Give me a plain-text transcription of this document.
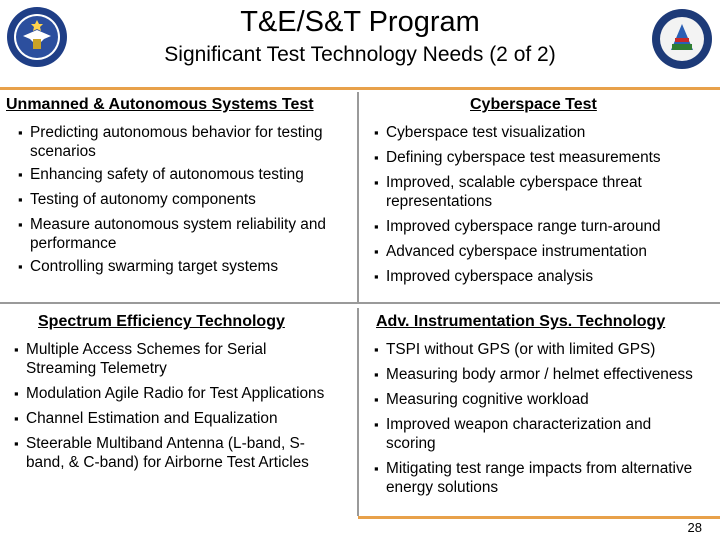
T&E/S&T Program
Significant Test Technology Needs (2 of 2)
Unmanned & Autonomous Systems Test
▪ Predicting autonomous behavior for testing scenarios
▪ Enhancing safety of autonomous testing
▪ Testing of autonomy components
▪ Measure autonomous system reliability and performance
▪ Controlling swarming target systems
Cyberspace Test
▪ Cyberspace test visualization
▪ Defining cyberspace test measurements
▪ Improved, scalable cyberspace threat representations
▪ Improved cyberspace range turn-around
▪ Advanced cyberspace instrumentation
▪ Improved cyberspace analysis
Spectrum Efficiency Technology
▪ Multiple Access Schemes for Serial Streaming Telemetry
▪ Modulation Agile Radio for Test Applications
▪ Channel Estimation and Equalization
▪ Steerable Multiband Antenna (L-band, S-band, & C-band) for Airborne Test Articles
Adv. Instrumentation Sys. Technology
▪ TSPI without GPS (or with limited GPS)
▪ Measuring body armor / helmet effectiveness
▪ Measuring cognitive workload
▪ Improved weapon characterization and scoring
▪ Mitigating test range impacts from alternative energy solutions
28
